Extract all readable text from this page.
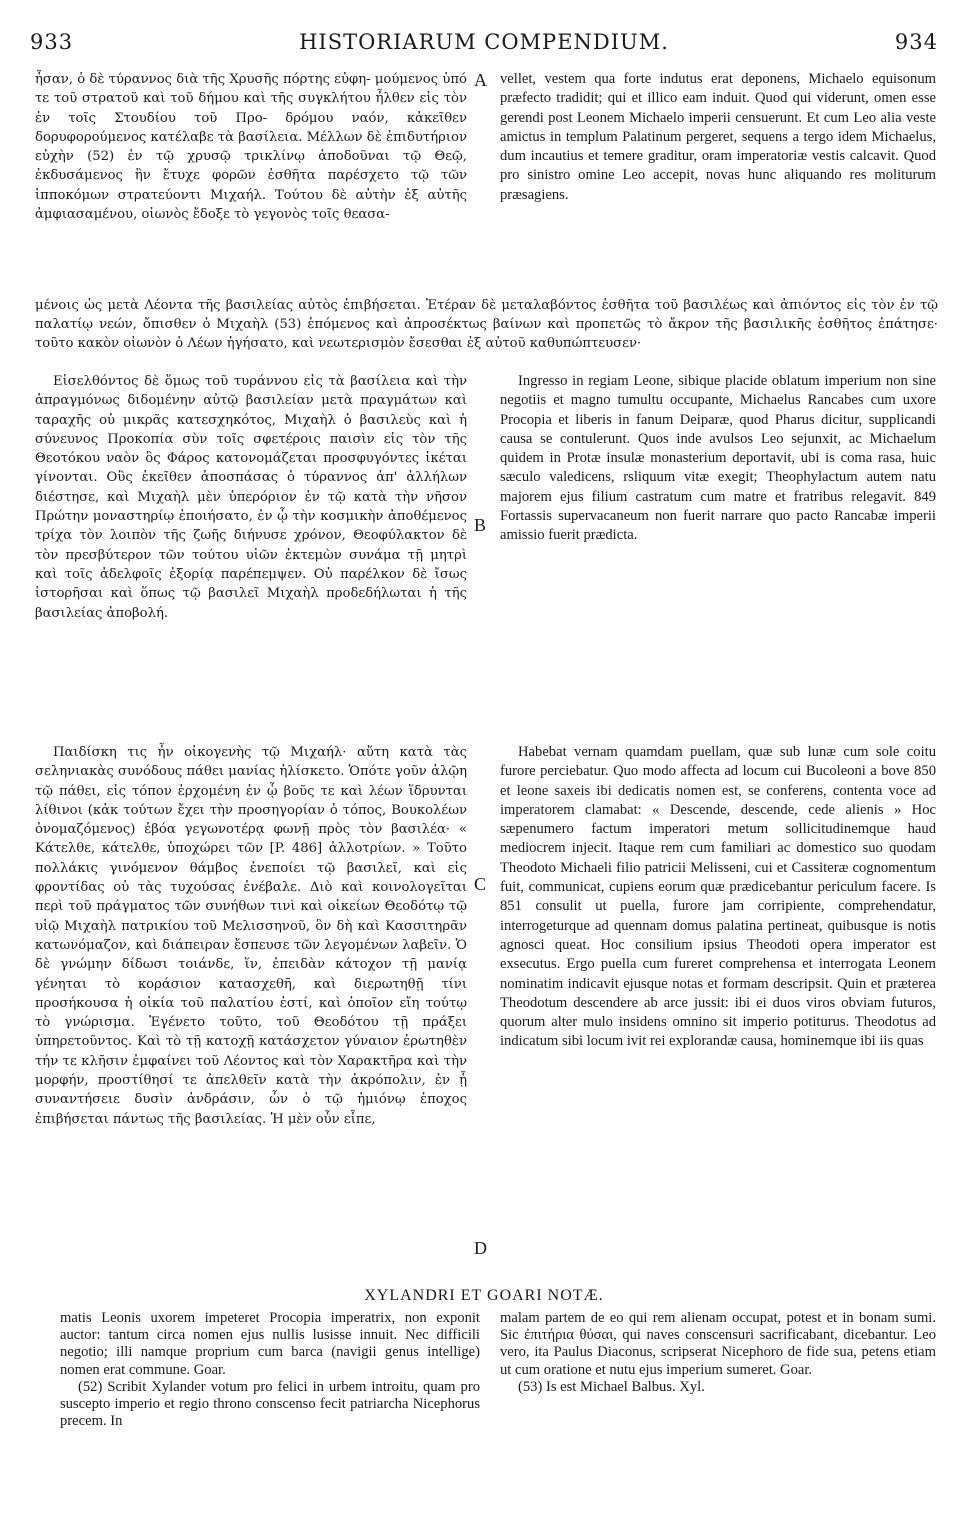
933	HISTORIARUM COMPENDIUM.	934

ἦσαν, ὁ δὲ τύραννος διὰ τῆς Χρυσῆς πόρτης εὐφη- μούμενος ὑπό τε τοῦ στρατοῦ καὶ τοῦ δήμου καὶ τῆς συγκλήτου ἦλθεν εἰς τὸν ἐν τοῖς Στουδίου τοῦ Προ- δρόμου ναόν, κἀκεῖθεν δορυφορούμενος κατέλαβε τὰ βασίλεια. Μέλλων δὲ ἐπιδυτήριον εὐχὴν (52) ἐν τῷ χρυσῷ τρικλίνῳ ἀποδοῦναι τῷ Θεῷ, ἐκδυσάμενος ἣν ἔτυχε φορῶν ἐσθῆτα παρέσχετο τῷ τῶν ἱπποκόμων στρατεύοντι Μιχαήλ. Τούτου δὲ αὐτὴν ἐξ αὐτῆς ἀμφιασαμένου, οἰωνὸς ἔδοξε τὸ γεγονὸς τοῖς θεασα-

A vellet, vestem qua forte indutus erat deponens, Michaelo equisonum præfecto tradidit; qui et illico eam induit. Quod qui viderunt, omen esse gerendi post Leonem Michaelo imperii censuerunt. Et cum Leo alia veste amictus in templum Palatinum pergeret, sequens a tergo idem Michaelus, dum incautius et temere graditur, oram imperatoriæ vestis calcavit. Quod pro sinistro omine Leo accepit, novas hunc aliquando res moliturum præsagiens.

μένοις ὡς μετὰ Λέοντα τῆς βασιλείας αὐτὸς ἐπιβήσεται. Ἑτέραν δὲ μεταλαβόντος ἐσθῆτα τοῦ βασιλέως καὶ ἀπιόντος εἰς τὸν ἐν τῷ παλατίῳ νεών, ὄπισθεν ὁ Μιχαὴλ (53) ἑπόμενος καὶ ἀπροσέκτως βαίνων καὶ προπετῶς τὸ ἄκρον τῆς βασιλικῆς ἐσθῆτος ἐπάτησε· τοῦτο κακὸν οἰωνὸν ὁ Λέων ἡγήσατο, καὶ νεωτερισμὸν ἔσεσθαι ἐξ αὐτοῦ καθυπώπτευσεν·

Εἰσελθόντος δὲ ὅμως τοῦ τυράννου εἰς τὰ βασίλεια καὶ τὴν ἀπραγμόνως διδομένην αὐτῷ βασιλείαν μετὰ πραγμάτων καὶ ταραχῆς οὐ μικρᾶς κατεσχηκότος, Μιχαὴλ ὁ βασιλεὺς καὶ ἡ σύνευνος Προκοπία σὺν τοῖς σφετέροις παισὶν εἰς τὸν τῆς Θεοτόκου ναὸν ὃς Φάρος κατονομάζεται προσφυγόντες ἱκέται γίνονται. Οὓς ἐκεῖθεν ἀποσπάσας ὁ τύραννος ἀπ' ἀλλήλων διέστησε, καὶ Μιχαὴλ μὲν ὑπερόριον ἐν τῷ κατὰ τὴν νῆσον Πρώτην μοναστηρίῳ ἐποιήσατο, ἐν ᾧ τὴν κοσμικὴν ἀποθέμενος τρίχα τὸν λοιπὸν τῆς ζωῆς διήνυσε χρόνον, Θεοφύλακτον δὲ τὸν πρεσβύτερον τῶν τούτου υἱῶν ἐκτεμὼν συνάμα τῇ μητρὶ καὶ τοῖς ἀδελφοῖς ἐξορίᾳ παρέπεμψεν. Οὐ παρέλκον δὲ ἴσως ἱστορῆσαι καὶ ὅπως τῷ βασιλεῖ Μιχαὴλ προδεδήλωται ἡ τῆς βασιλείας ἀποβολή.

B

Ingresso in regiam Leone, sibique placide oblatum imperium non sine negotiis et magno tumultu occupante, Michaelus Rancabes cum uxore Procopia et liberis in fanum Deiparæ, quod Pharus dicitur, supplicandi causa se contulerunt. Quos inde avulsos Leo sejunxit, ac Michaelum quidem in Protæ insulæ monasterium deportavit, ubi is coma rasa, huic sæculo valedicens, rsliquum vitæ exegit; Theophylactum autem natu majorem ejus filium castratum cum matre et fratribus relegavit. 849 Fortassis supervacaneum non fuerit narrare quo pacto Rancabæ imperii amissio fuerit prædicta.

Παιδίσκη τις ἦν οἰκογενὴς τῷ Μιχαήλ· αὕτη κατὰ τὰς σεληνιακὰς συνόδους πάθει μανίας ἡλίσκετο. Ὁπότε γοῦν ἁλῷη τῷ πάθει, εἰς τόπον ἐρχομένη ἐν ᾧ βοῦς τε καὶ λέων ἵδρυνται λίθινοι (κἀκ τούτων ἔχει τὴν προσηγορίαν ὁ τόπος, Βουκολέων ὀνομαζόμενος) ἐβόα γεγωνοτέρᾳ φωνῇ πρὸς τὸν βασιλέα· « Κάτελθε, κάτελθε, ὑποχώρει τῶν [P. 486] ἀλλοτρίων. » Τοῦτο πολλάκις γινόμενον θάμβος ἐνεποίει τῷ βασιλεῖ, καὶ εἰς φροντίδας οὐ τὰς τυχούσας ἐνέβαλε. Διὸ καὶ κοινολογεῖται περὶ τοῦ πράγματος τῶν συνήθων τινὶ καὶ οἰκείων Θεοδότῳ τῷ υἱῷ Μιχαὴλ πατρικίου τοῦ Μελισσηνοῦ, ὃν δὴ καὶ Κασσιτηρᾶν κατωνόμαζον, καὶ διάπειραν ἔσπευσε τῶν λεγομένων λαβεῖν. Ὁ δὲ γνώμην δίδωσι τοιάνδε, ἵν, ἐπειδὰν κάτοχον τῇ μανίᾳ γένηται τὸ κοράσιον κατασχεθῆ, καὶ διερωτηθῇ τίνι προσήκουσα ἡ οἰκία τοῦ παλατίου ἐστί, καὶ ὁποῖον εἴη τούτῳ τὸ γνώρισμα. Ἐγένετο τοῦτο, τοῦ Θεοδότου τῇ πράξει ὑπηρετοῦντος. Καὶ τὸ τῇ κατοχῇ κατάσχετον γύναιον ἐρωτηθὲν τήν τε κλῆσιν ἐμφαίνει τοῦ Λέοντος καὶ τὸν Χαρακτῆρα καὶ τὴν μορφήν, προστίθησί τε ἀπελθεῖν κατὰ τὴν ἀκρόπολιν, ἐν ᾗ συναντήσειε δυσὶν ἀνδράσιν, ὧν ὁ τῷ ἡμιόνῳ ἐποχος ἐπιβήσεται πάντως τῆς βασιλείας. Ἡ μὲν οὖν εἶπε,

C
D

Habebat vernam quamdam puellam, quæ sub lunæ cum sole coitu furore perciebatur. Quo modo affecta ad locum cui Bucoleoni a bove 850 et leone saxeis ibi dedicatis nomen est, se conferens, contenta voce ad imperatorem clamabat: « Descende, descende, cede alienis » Hoc sæpenumero factum imperatori metum sollicitudinemque haud mediocrem injecit. Itaque rem cum familiari ac domestico suo quodam Theodoto Michaeli filio patricii Melisseni, cui et Cassiteræ cognomentum fuit, communicat, cupiens eorum quæ prædicebantur periculum facere. Is 851 consulit ut puella, furore jam corripiente, comprehendatur, interrogeturque ad quennam domus palatina pertineat, quibusque is notis agnosci queat. Hoc consilium ipsius Theodoti opera imperator est exsecutus. Ergo puella cum fureret comprehensa et interrogata Leonem nominatim indicavit ejusque notas et formam descripsit. Quin et præterea Theodotum descendere ab arce jussit: ibi ei duos viros obviam futuros, quorum alter mulo insidens omnino sit imperio potiturus. Theodotus ad indicatum sibi locum ivit rei explorandæ causa, hominemque ibi iis quas

XYLANDRI ET GOARI NOTÆ.

matis Leonis uxorem impeteret Procopia imperatrix, non exponit auctor: tantum circa nomen ejus nullis lusisse innuit. Nec difficili negotio; illi namque proprium cum barca (navigii genus intellige) nomen erat commune. Goar.

(52) Scribit Xylander votum pro felici in urbem introitu, quam pro suscepto imperio et regio throno conscenso fecit patriarcha Nicephorus precem. In

malam partem de eo qui rem alienam occupat, potest et in bonam sumi. Sic ἐπιτήρια θύσαι, qui naves conscensuri sacrificabant, dicebantur. Leo vero, ita Paulus Diaconus, scripserat Nicephoro de fide sua, petens etiam ut cum oratione et nutu ejus imperium sumeret. Goar.

(53) Is est Michael Balbus. Xyl.
